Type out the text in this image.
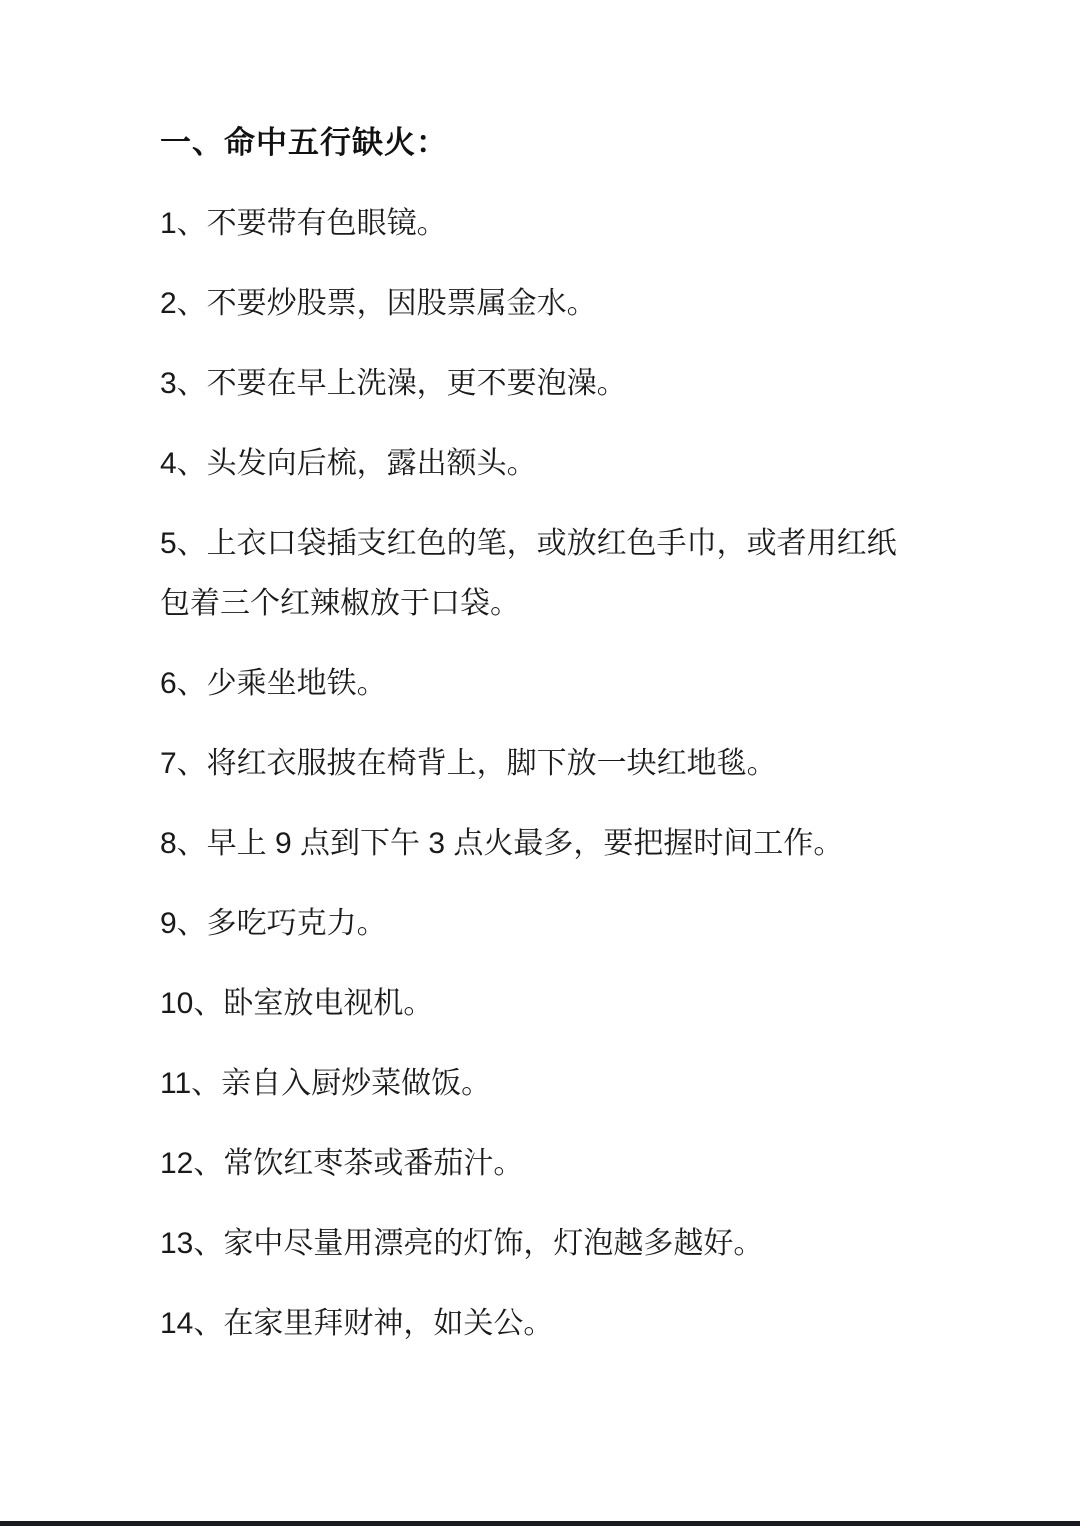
一、命中五行缺火：

1、不要带有色眼镜。

2、不要炒股票，因股票属金水。

3、不要在早上洗澡，更不要泡澡。

4、头发向后梳，露出额头。

5、上衣口袋插支红色的笔，或放红色手巾，或者用红纸包着三个红辣椒放于口袋。

6、少乘坐地铁。

7、将红衣服披在椅背上，脚下放一块红地毯。

8、早上 9 点到下午 3 点火最多，要把握时间工作。

9、多吃巧克力。

10、卧室放电视机。

11、亲自入厨炒菜做饭。

12、常饮红枣茶或番茄汁。

13、家中尽量用漂亮的灯饰，灯泡越多越好。

14、在家里拜财神，如关公。
